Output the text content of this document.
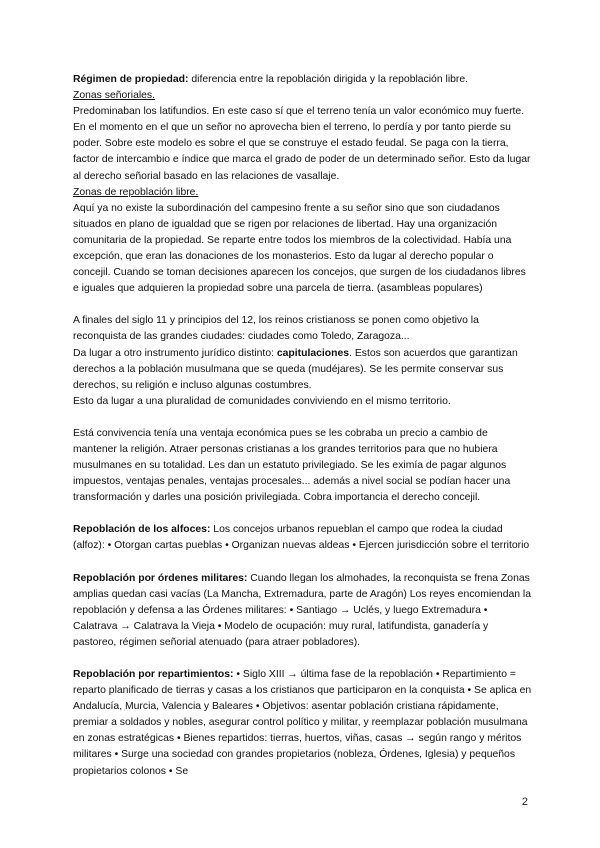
Régimen de propiedad: diferencia entre la repoblación dirigida y la repoblación libre.

Zonas señoriales.

Predominaban los latifundios. En este caso sí que el terreno tenía un valor económico muy fuerte. En el momento en el que un señor no aprovecha bien el terreno, lo perdía y por tanto pierde su poder. Sobre este modelo es sobre el que se construye el estado feudal. Se paga con la tierra, factor de intercambio e índice que marca el grado de poder de un determinado señor. Esto da lugar al derecho señorial basado en las relaciones de vasallaje.

Zonas de repoblación libre.

Aquí ya no existe la subordinación del campesino frente a su señor sino que son ciudadanos situados en plano de igualdad que se rigen por relaciones de libertad. Hay una organización comunitaria de la propiedad. Se reparte entre todos los miembros de la colectividad. Había una excepción, que eran las donaciones de los monasterios. Esto da lugar al derecho popular o concejil. Cuando se toman decisiones aparecen los concejos, que surgen de los ciudadanos libres e iguales que adquieren la propiedad sobre una parcela de tierra. (asambleas populares)

A finales del siglo 11 y principios del 12, los reinos cristianoss se ponen como objetivo la reconquista de las grandes ciudades: ciudades como Toledo, Zaragoza...

Da lugar a otro instrumento jurídico distinto: capitulaciones. Estos son acuerdos que garantizan derechos a la población musulmana que se queda (mudéjares). Se les permite conservar sus derechos, su religión e incluso algunas costumbres.

Esto da lugar a una pluralidad de comunidades conviviendo en el mismo territorio.

Está convivencia tenía una ventaja económica pues se les cobraba un precio a cambio de mantener la religión. Atraer personas cristianas a los grandes territorios para que no hubiera musulmanes en su totalidad. Les dan un estatuto privilegiado. Se les eximía de pagar algunos impuestos, ventajas penales, ventajas procesales... además a nivel social se podían hacer una transformación y darles una posición privilegiada. Cobra importancia el derecho concejil.

Repoblación de los alfoces: Los concejos urbanos repueblan el campo que rodea la ciudad (alfoz): • Otorgan cartas pueblas • Organizan nuevas aldeas • Ejercen jurisdicción sobre el territorio

Repoblación por órdenes militares: Cuando llegan los almohades, la reconquista se frena Zonas amplias quedan casi vacías (La Mancha, Extremadura, parte de Aragón) Los reyes encomiendan la repoblación y defensa a las Órdenes militares: • Santiago → Uclés, y luego Extremadura • Calatrava → Calatrava la Vieja • Modelo de ocupación: muy rural, latifundista, ganadería y pastoreo, régimen señorial atenuado (para atraer pobladores).

Repoblación por repartimientos: • Siglo XIII → última fase de la repoblación • Repartimiento = reparto planificado de tierras y casas a los cristianos que participaron en la conquista • Se aplica en Andalucía, Murcia, Valencia y Baleares • Objetivos: asentar población cristiana rápidamente, premiar a soldados y nobles, asegurar control político y militar, y reemplazar población musulmana en zonas estratégicas • Bienes repartidos: tierras, huertos, viñas, casas → según rango y méritos militares • Surge una sociedad con grandes propietarios (nobleza, Órdenes, Iglesia) y pequeños propietarios colonos • Se

2
